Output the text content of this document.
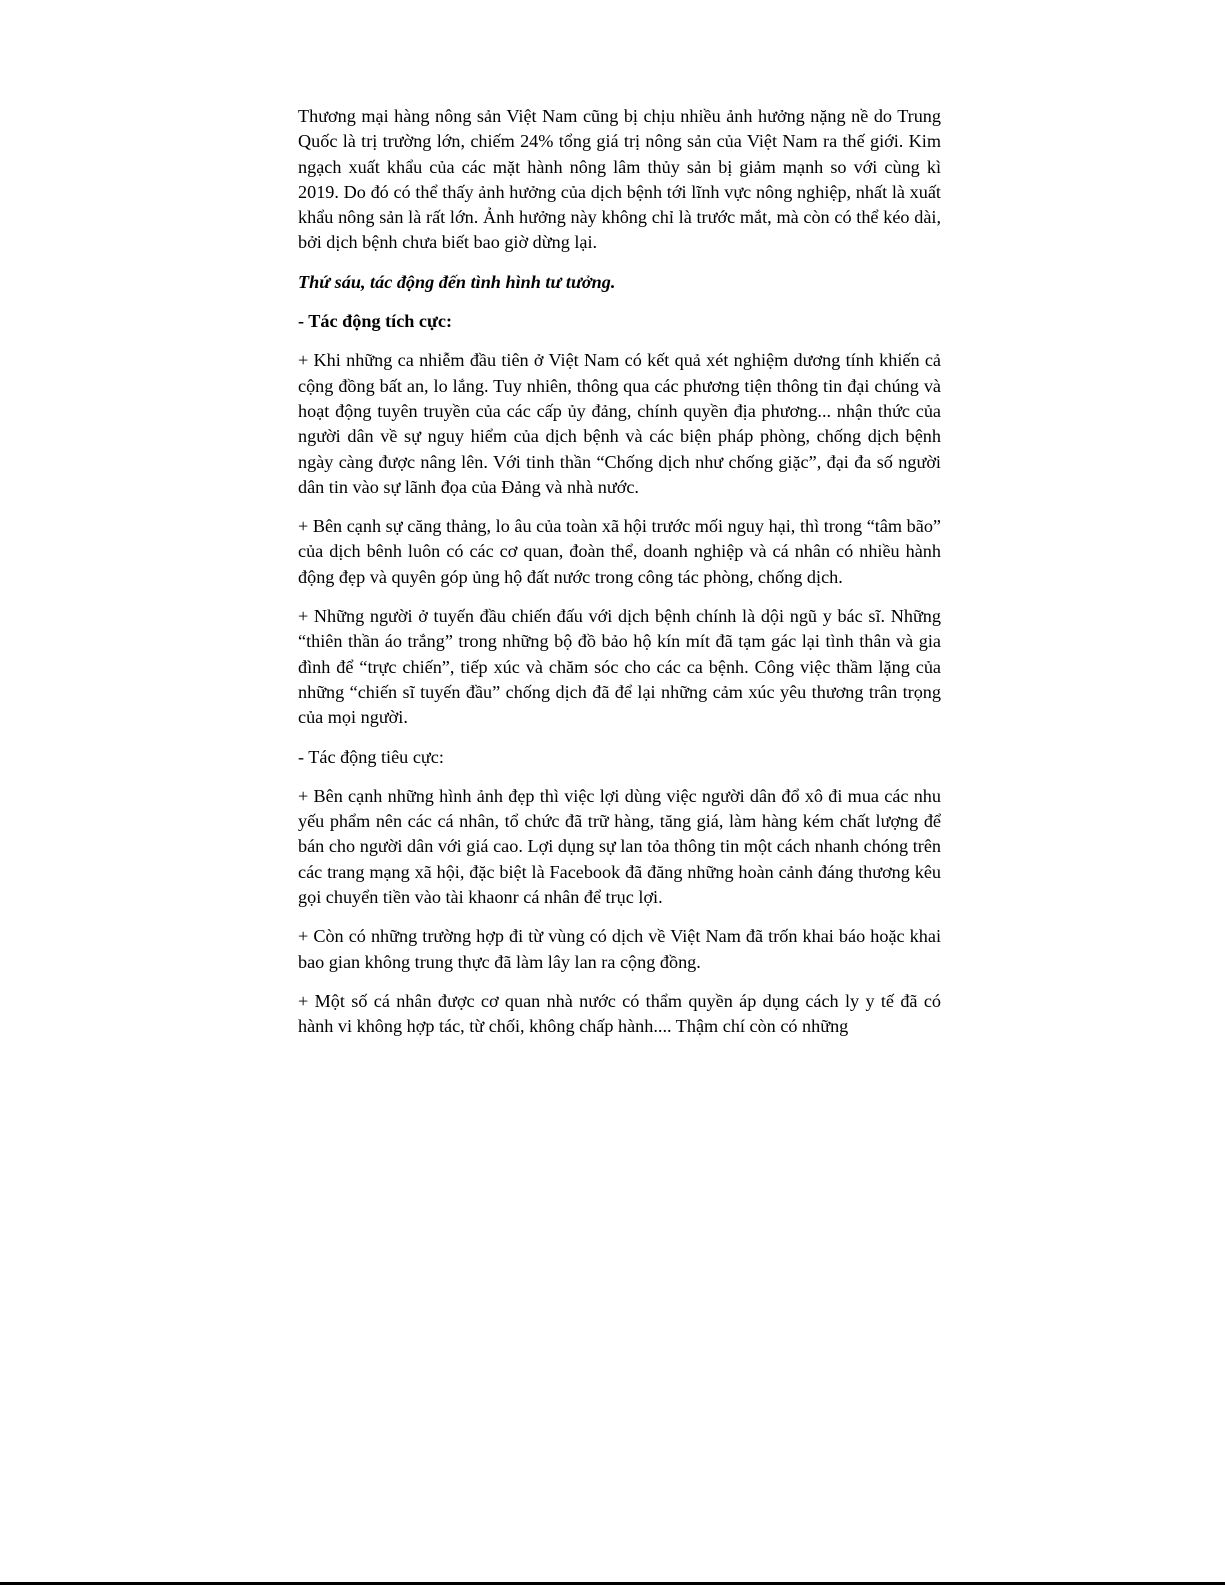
Thương mại hàng nông sản Việt Nam cũng bị chịu nhiều ảnh hưởng nặng nề do Trung Quốc là trị trường lớn, chiếm 24% tổng giá trị nông sản của Việt Nam ra thế giới. Kim ngạch xuất khẩu của các mặt hành nông lâm thủy sản bị giảm mạnh so với cùng kì 2019. Do đó có thể thấy ảnh hưởng của dịch bệnh tới lĩnh vực nông nghiệp, nhất là xuất khẩu nông sản là rất lớn. Ảnh hưởng này không chỉ là trước mắt, mà còn có thể kéo dài, bởi dịch bệnh chưa biết bao giờ dừng lại.

Thứ sáu, tác động đến tình hình tư tưởng.

- Tác động tích cực:

+ Khi những ca nhiễm đầu tiên ở Việt Nam có kết quả xét nghiệm dương tính khiến cả cộng đồng bất an, lo lắng. Tuy nhiên, thông qua các phương tiện thông tin đại chúng và hoạt động tuyên truyền của các cấp ủy đảng, chính quyền địa phương... nhận thức của người dân về sự nguy hiểm của dịch bệnh và các biện pháp phòng, chống dịch bệnh ngày càng được nâng lên. Với tinh thần “Chống dịch như chống giặc”, đại đa số người dân tin vào sự lãnh đọa của Đảng và nhà nước.

+ Bên cạnh sự căng thảng, lo âu của toàn xã hội trước mối nguy hại, thì trong “tâm bão” của dịch bênh luôn có các cơ quan, đoàn thể, doanh nghiệp và cá nhân có nhiều hành động đẹp và quyên góp ủng hộ đất nước trong công tác phòng, chống dịch.

+ Những người ở tuyến đầu chiến đấu với dịch bệnh chính là dội ngũ y bác sĩ. Những “thiên thần áo trắng” trong những bộ đồ bảo hộ kín mít đã tạm gác lại tình thân và gia đình để “trực chiến”, tiếp xúc và chăm sóc cho các ca bệnh. Công việc thầm lặng của những “chiến sĩ tuyến đầu” chống dịch đã để lại những cảm xúc yêu thương trân trọng của mọi người.

- Tác động tiêu cực:

+ Bên cạnh những hình ảnh đẹp thì việc lợi dùng việc người dân đổ xô đi mua các nhu yếu phẩm nên các cá nhân, tổ chức đã trữ hàng, tăng giá, làm hàng kém chất lượng để bán cho người dân với giá cao. Lợi dụng sự lan tỏa thông tin một cách nhanh chóng trên các trang mạng xã hội, đặc biệt là Facebook đã đăng những hoàn cảnh đáng thương kêu gọi chuyển tiền vào tài khaonr cá nhân để trục lợi.

+ Còn có những trường hợp đi từ vùng có dịch về Việt Nam đã trốn khai báo hoặc khai bao gian không trung thực đã làm lây lan ra cộng đồng.

+ Một số cá nhân được cơ quan nhà nước có thẩm quyền áp dụng cách ly y tế đã có hành vi không hợp tác, từ chối, không chấp hành.... Thậm chí còn có những
